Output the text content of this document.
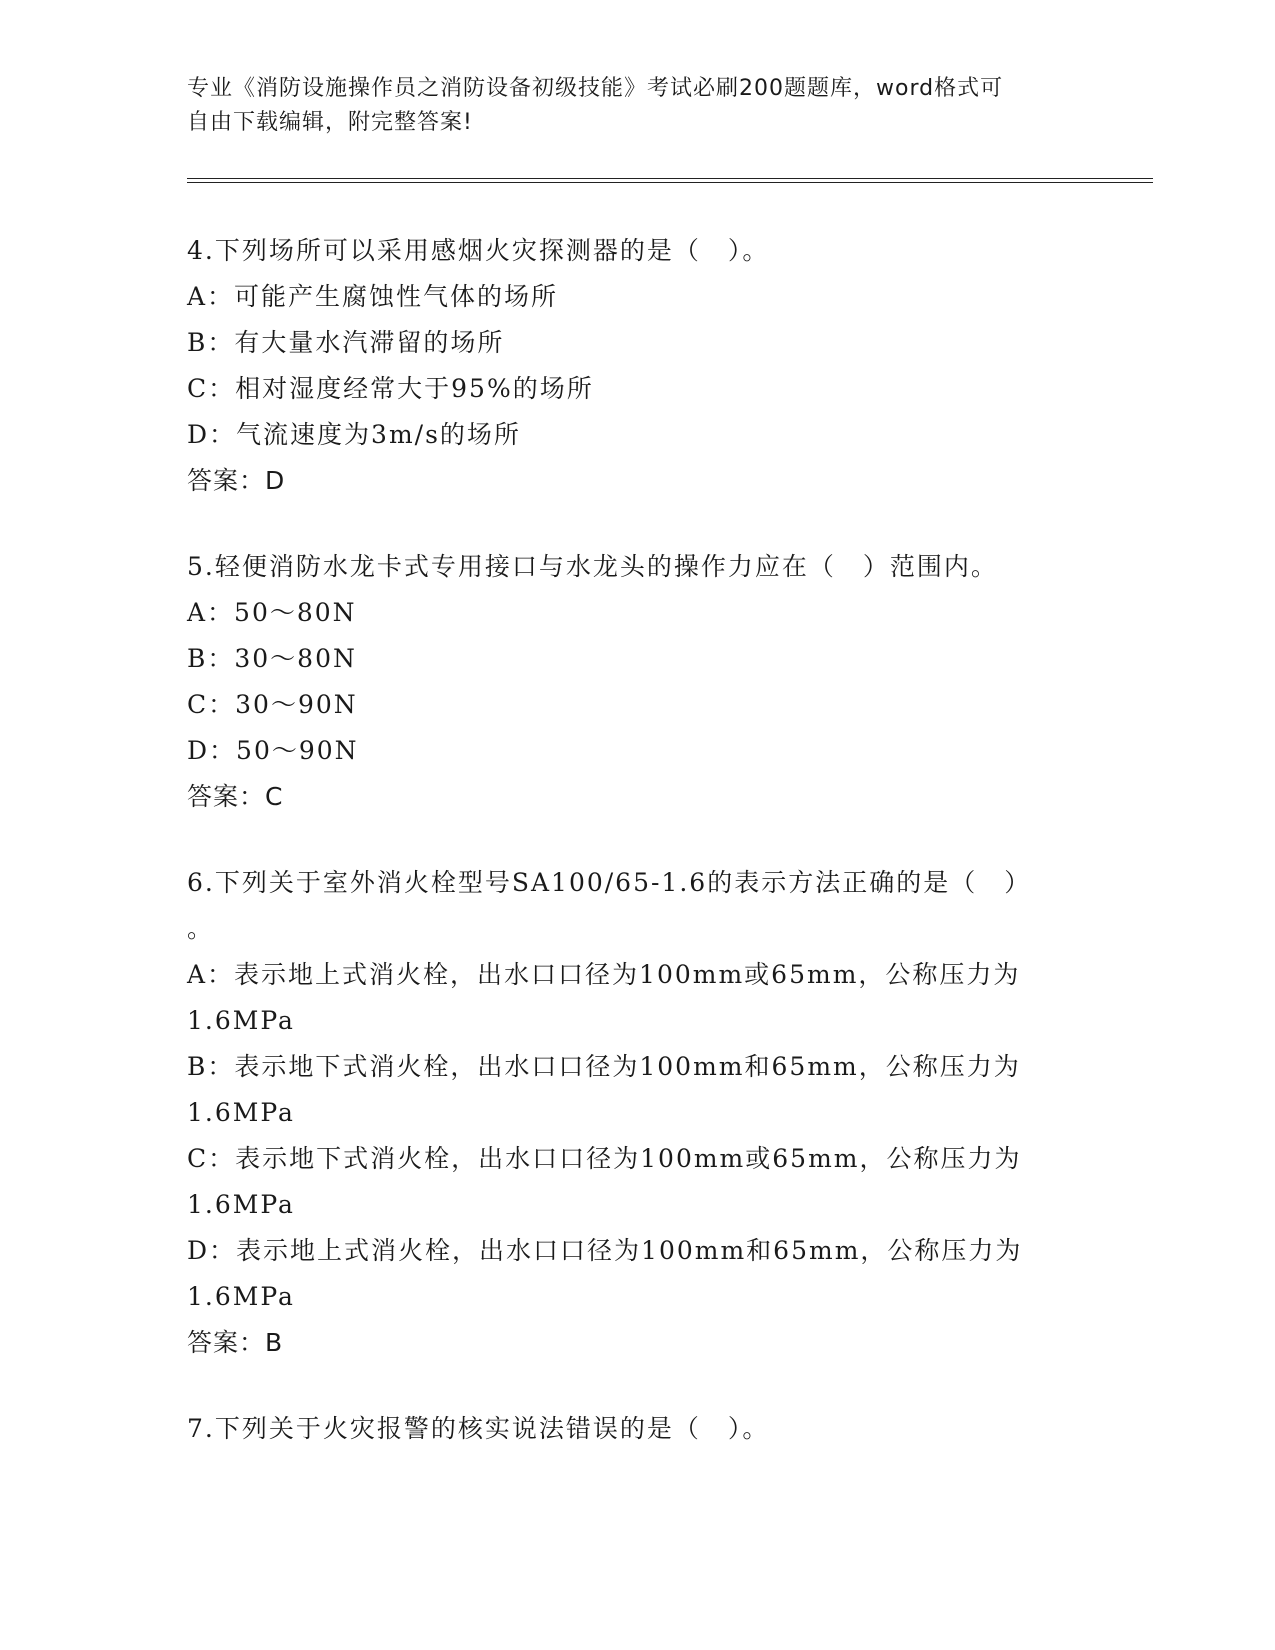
专业《消防设施操作员之消防设备初级技能》考试必刷200题题库，word格式可
自由下载编辑，附完整答案!
4.下列场所可以采用感烟火灾探测器的是（　）。
A：可能产生腐蚀性气体的场所
B：有大量水汽滞留的场所
C：相对湿度经常大于95%的场所
D：气流速度为3m/s的场所
答案：D
5.轻便消防水龙卡式专用接口与水龙头的操作力应在（　）范围内。
A：50～80N
B：30～80N
C：30～90N
D：50～90N
答案：C
6.下列关于室外消火栓型号SA100/65-1.6的表示方法正确的是（　）
。
A：表示地上式消火栓，出水口口径为100mm或65mm，公称压力为
1.6MPa
B：表示地下式消火栓，出水口口径为100mm和65mm，公称压力为
1.6MPa
C：表示地下式消火栓，出水口口径为100mm或65mm，公称压力为
1.6MPa
D：表示地上式消火栓，出水口口径为100mm和65mm，公称压力为
1.6MPa
答案：B
7.下列关于火灾报警的核实说法错误的是（　）。
